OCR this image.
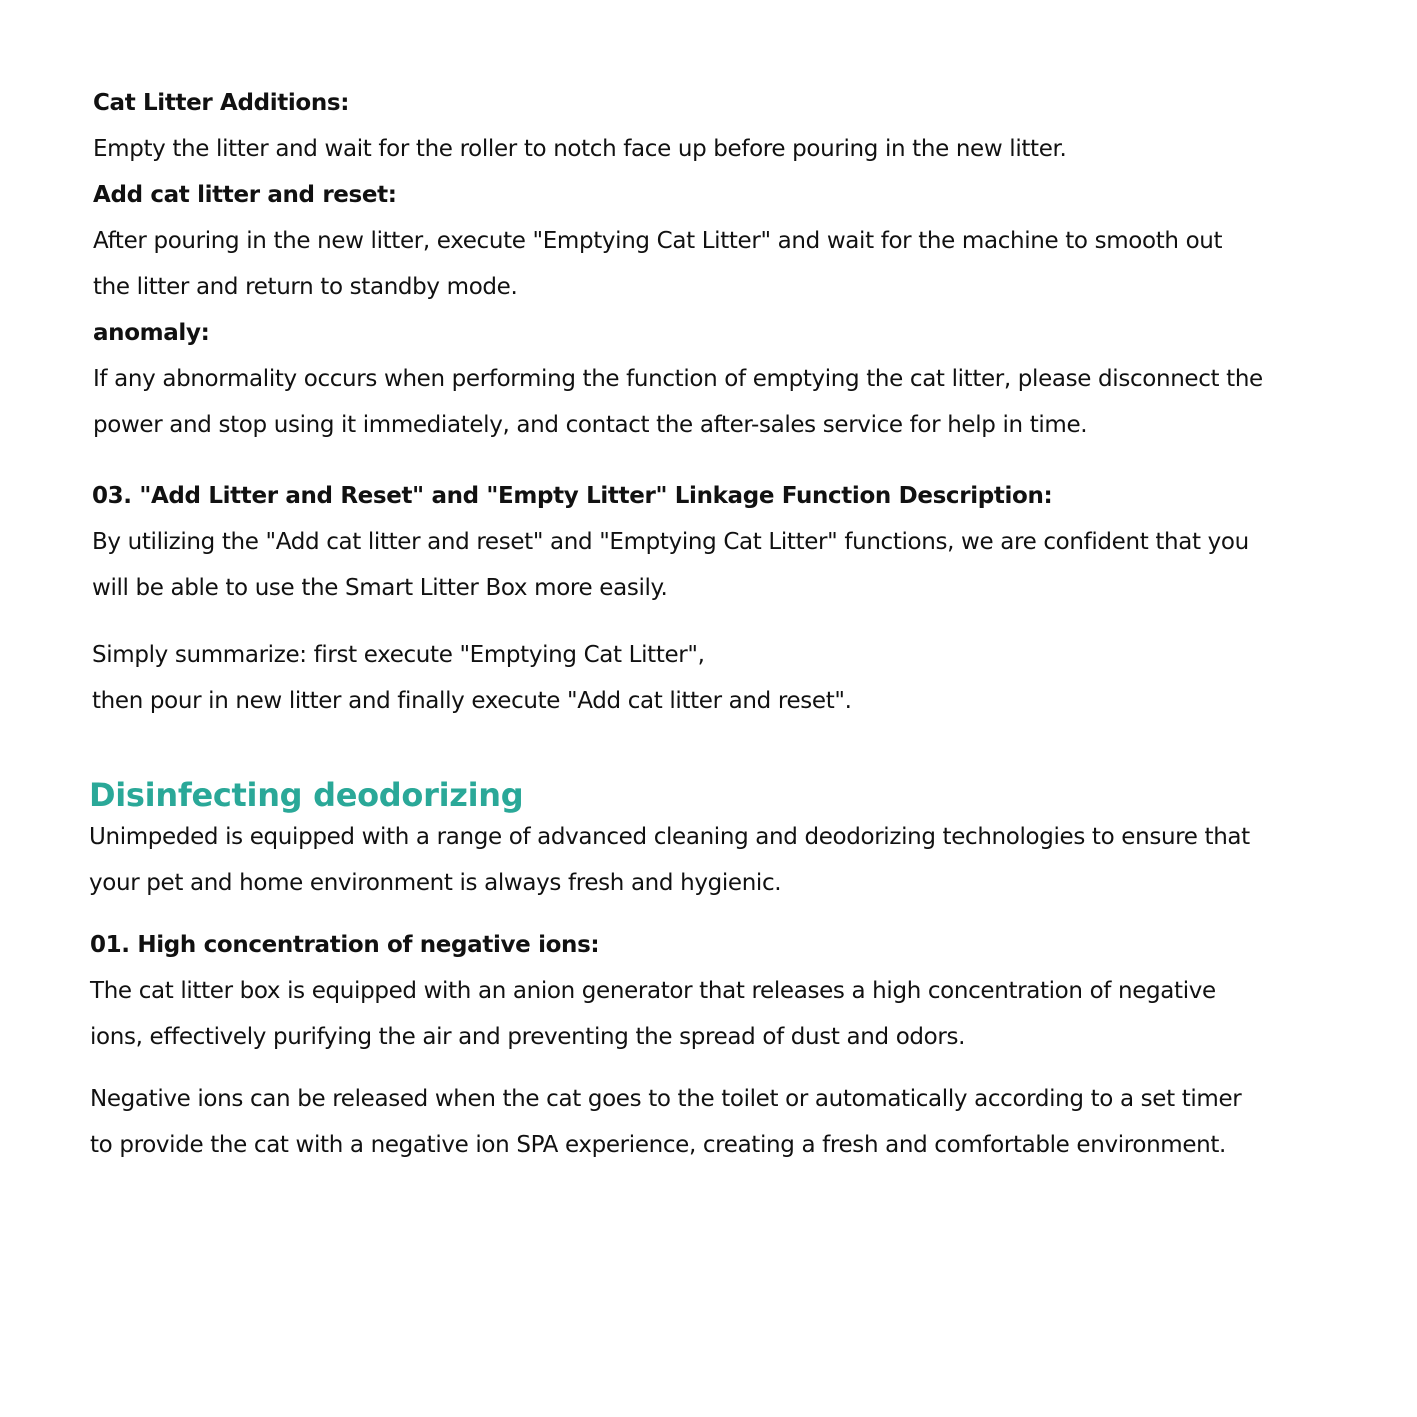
Cat Litter Additions:
Empty the litter and wait for the roller to notch face up before pouring in the new litter.
Add cat litter and reset:
After pouring in the new litter, execute "Emptying Cat Litter" and wait for the machine to smooth out
the litter and return to standby mode.
anomaly:
If any abnormality occurs when performing the function of emptying the cat litter, please disconnect the
power and stop using it immediately, and contact the after-sales service for help in time.
03. "Add Litter and Reset" and "Empty Litter" Linkage Function Description:
By utilizing the "Add cat litter and reset" and "Emptying Cat Litter" functions, we are confident that you
will be able to use the Smart Litter Box more easily.
Simply summarize: first execute "Emptying Cat Litter",
then pour in new litter and finally execute "Add cat litter and reset".
Disinfecting deodorizing
Unimpeded is equipped with a range of advanced cleaning and deodorizing technologies to ensure that
your pet and home environment is always fresh and hygienic.
01. High concentration of negative ions:
The cat litter box is equipped with an anion generator that releases a high concentration of negative
ions, effectively purifying the air and preventing the spread of dust and odors.
Negative ions can be released when the cat goes to the toilet or automatically according to a set timer
to provide the cat with a negative ion SPA experience, creating a fresh and comfortable environment.
